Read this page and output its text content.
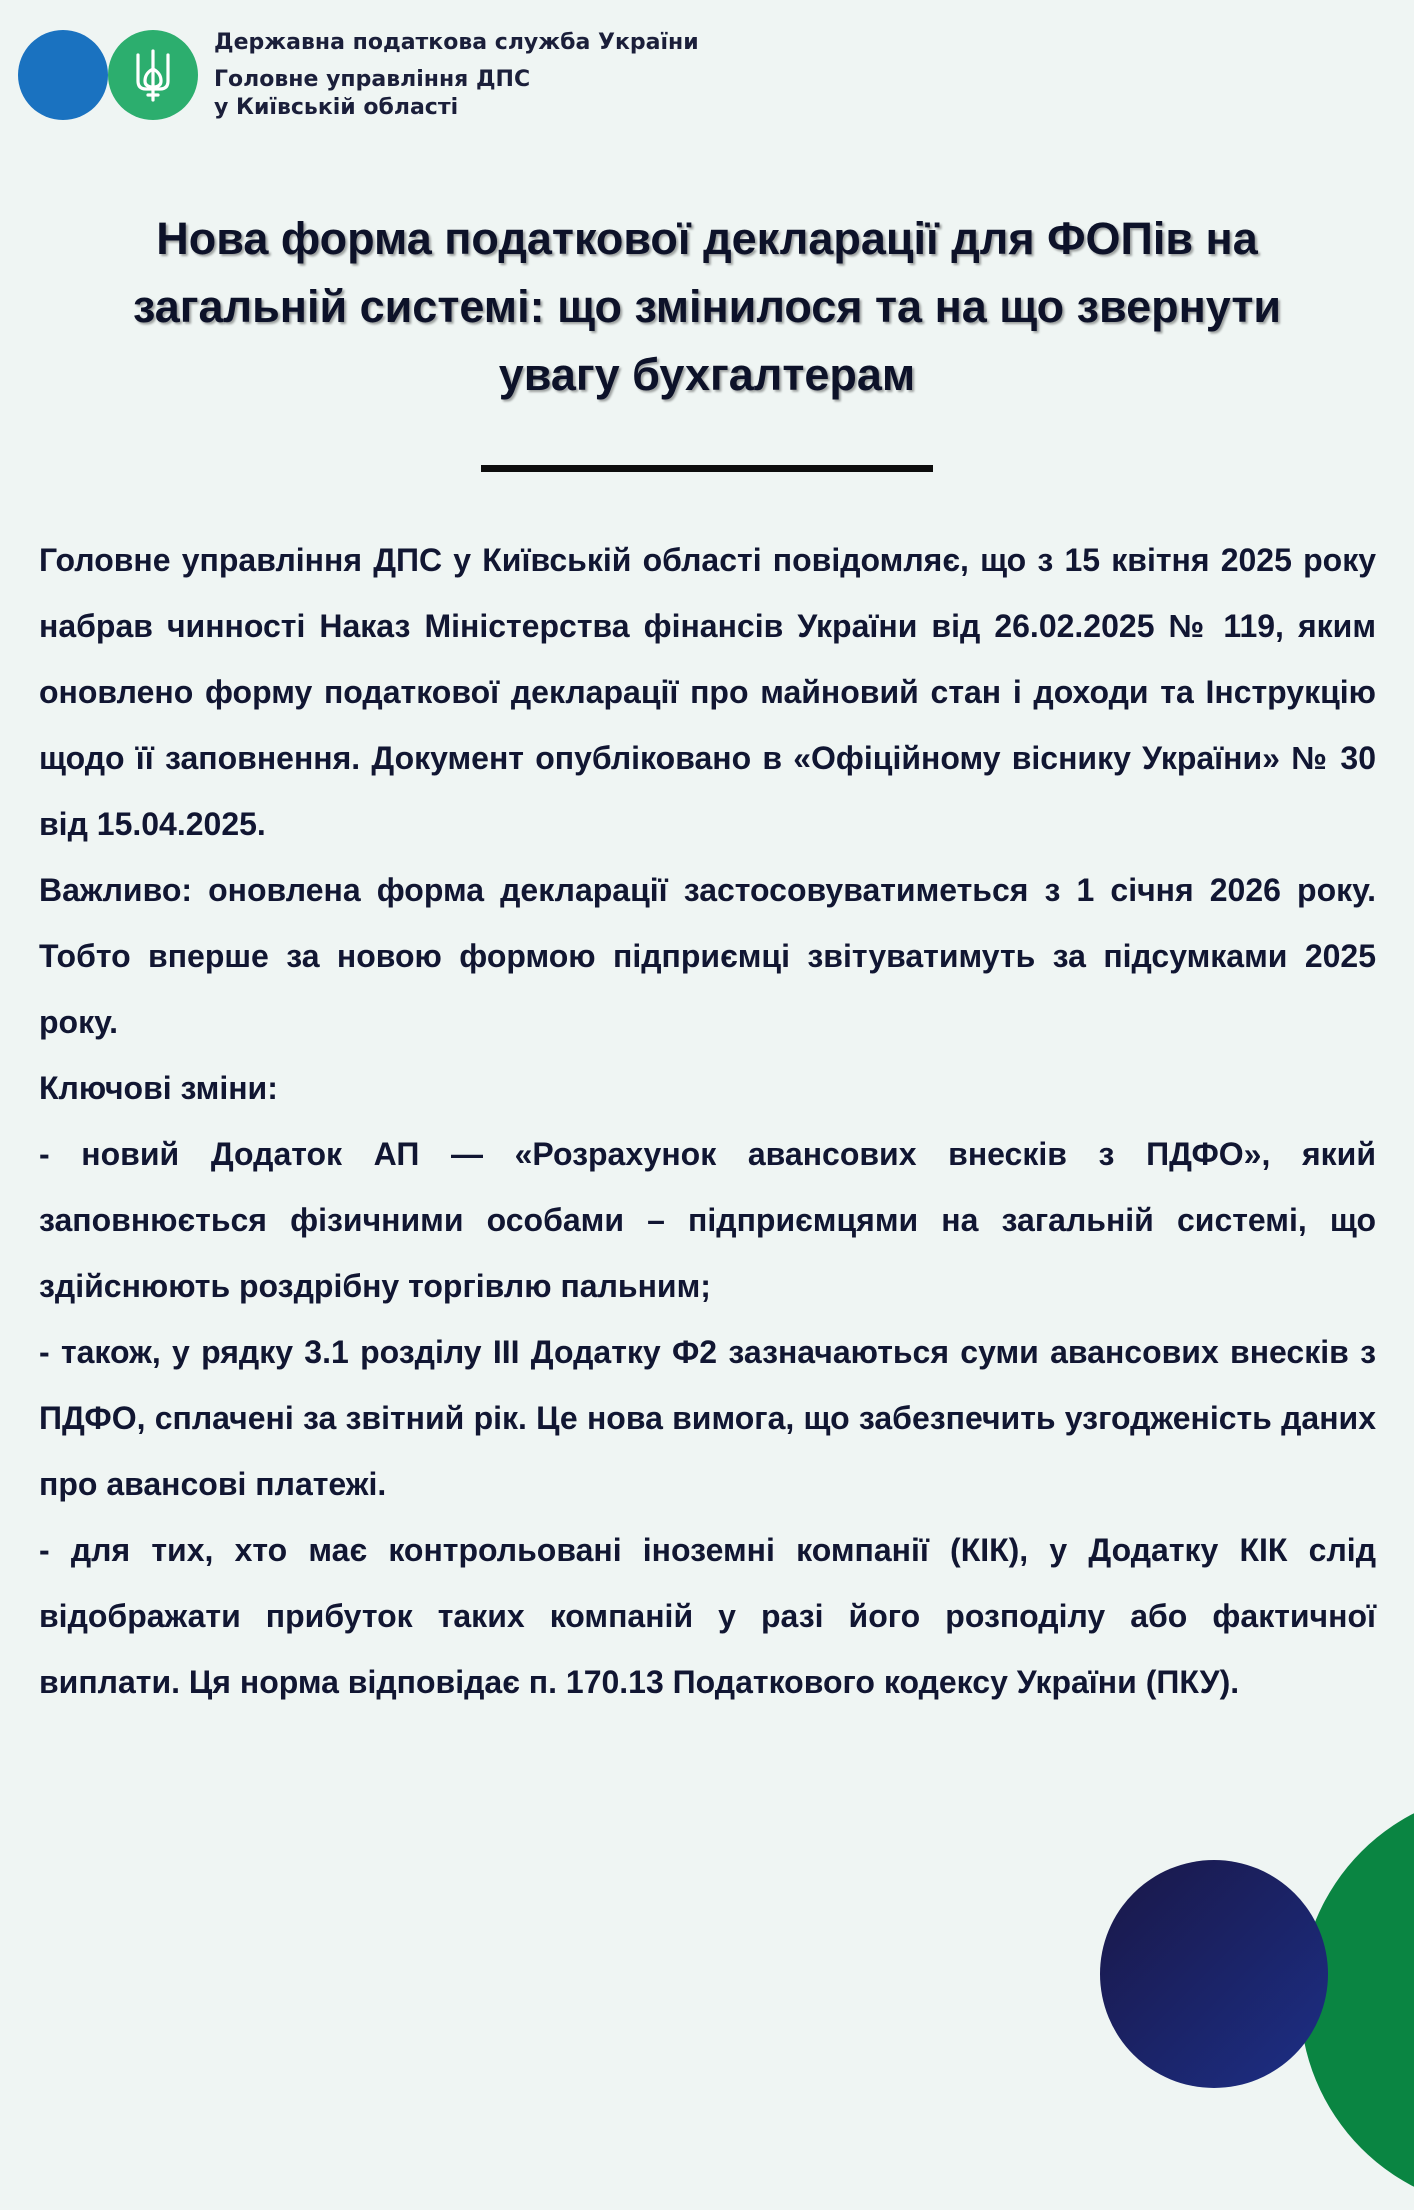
Державна податкова служба України
Головне управління ДПС
у Київській області
Нова форма податкової декларації для ФОПів на загальній системі: що змінилося та на що звернути увагу бухгалтерам

Головне управління ДПС у Київській області повідомляє, що з 15 квітня 2025 року набрав чинності Наказ Міністерства фінансів України від 26.02.2025 № 119, яким оновлено форму податкової декларації про майновий стан і доходи та Інструкцію щодо її заповнення. Документ опубліковано в «Офіційному віснику України» № 30 від 15.04.2025.

Важливо: оновлена форма декларації застосовуватиметься з 1 січня 2026 року. Тобто вперше за новою формою підприємці звітуватимуть за підсумками 2025 року.

Ключові зміни:

- новий Додаток АП — «Розрахунок авансових внесків з ПДФО», який заповнюється фізичними особами – підприємцями на загальній системі, що здійснюють роздрібну торгівлю пальним;

- також, у рядку 3.1 розділу ІІІ Додатку Ф2 зазначаються суми авансових внесків з ПДФО, сплачені за звітний рік. Це нова вимога, що забезпечить узгодженість даних про авансові платежі.

- для тих, хто має контрольовані іноземні компанії (КІК), у Додатку КІК слід відображати прибуток таких компаній у разі його розподілу або фактичної виплати. Ця норма відповідає п. 170.13 Податкового кодексу України (ПКУ).
